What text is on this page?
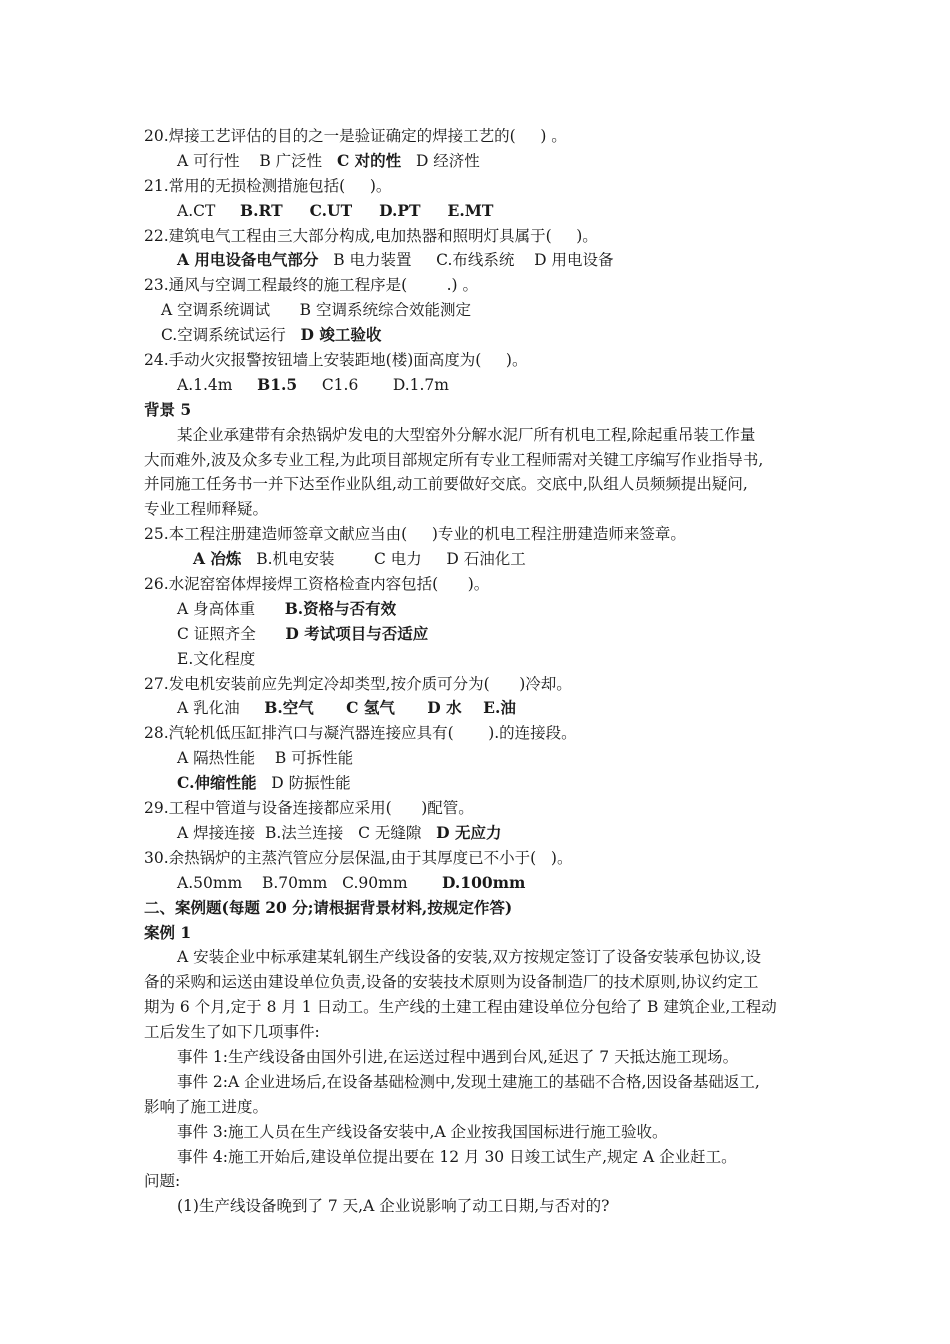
20.焊接工艺评估的目的之一是验证确定的焊接工艺的(     ) 。
A 可行性    B 广泛性   C 对的性   D 经济性
21.常用的无损检测措施包括(     )。
A.CT     B.RT     C.UT     D.PT     E.MT
22.建筑电气工程由三大部分构成,电加热器和照明灯具属于(     )。
A 用电设备电气部分   B 电力装置     C.布线系统    D 用电设备
23.通风与空调工程最终的施工程序是(        .) 。
A 空调系统调试      B 空调系统综合效能测定
C.空调系统试运行   D 竣工验收
24.手动火灾报警按钮墙上安装距地(楼)面高度为(     )。
A.1.4m     B1.5     C1.6       D.1.7m
背景 5
某企业承建带有余热锅炉发电的大型窑外分解水泥厂所有机电工程,除起重吊装工作量
大而难外,波及众多专业工程,为此项目部规定所有专业工程师需对关键工序编写作业指导书,
并同施工任务书一并下达至作业队组,动工前要做好交底。交底中,队组人员频频提出疑问,
专业工程师释疑。
25.本工程注册建造师签章文献应当由(     )专业的机电工程注册建造师来签章。
A 冶炼   B.机电安装        C 电力     D 石油化工
26.水泥窑窑体焊接焊工资格检查内容包括(      )。
A 身高体重      B.资格与否有效
C 证照齐全      D 考试项目与否适应
E.文化程度
27.发电机安装前应先判定冷却类型,按介质可分为(      )冷却。
A 乳化油     B.空气      C 氢气      D 水    E.油
28.汽轮机低压缸排汽口与凝汽器连接应具有(       ).的连接段。
A 隔热性能    B 可拆性能
C.伸缩性能   D 防振性能
29.工程中管道与设备连接都应采用(      )配管。
A 焊接连接  B.法兰连接   C 无缝隙   D 无应力
30.余热锅炉的主蒸汽管应分层保温,由于其厚度已不小于(   )。
A.50mm    B.70mm   C.90mm       D.100mm
二、案例题(每题 20 分;请根据背景材料,按规定作答)
案例 1
A 安装企业中标承建某轧钢生产线设备的安装,双方按规定签订了设备安装承包协议,设
备的采购和运送由建设单位负责,设备的安装技术原则为设备制造厂的技术原则,协议约定工
期为 6 个月,定于 8 月 1 日动工。生产线的土建工程由建设单位分包给了 B 建筑企业,工程动
工后发生了如下几项事件:
事件 1:生产线设备由国外引进,在运送过程中遇到台风,延迟了 7 天抵达施工现场。
事件 2:A 企业进场后,在设备基础检测中,发现土建施工的基础不合格,因设备基础返工,
影响了施工进度。
事件 3:施工人员在生产线设备安装中,A 企业按我国国标进行施工验收。
事件 4:施工开始后,建设单位提出要在 12 月 30 日竣工试生产,规定 A 企业赶工。
问题:
(1)生产线设备晚到了 7 天,A 企业说影响了动工日期,与否对的?
